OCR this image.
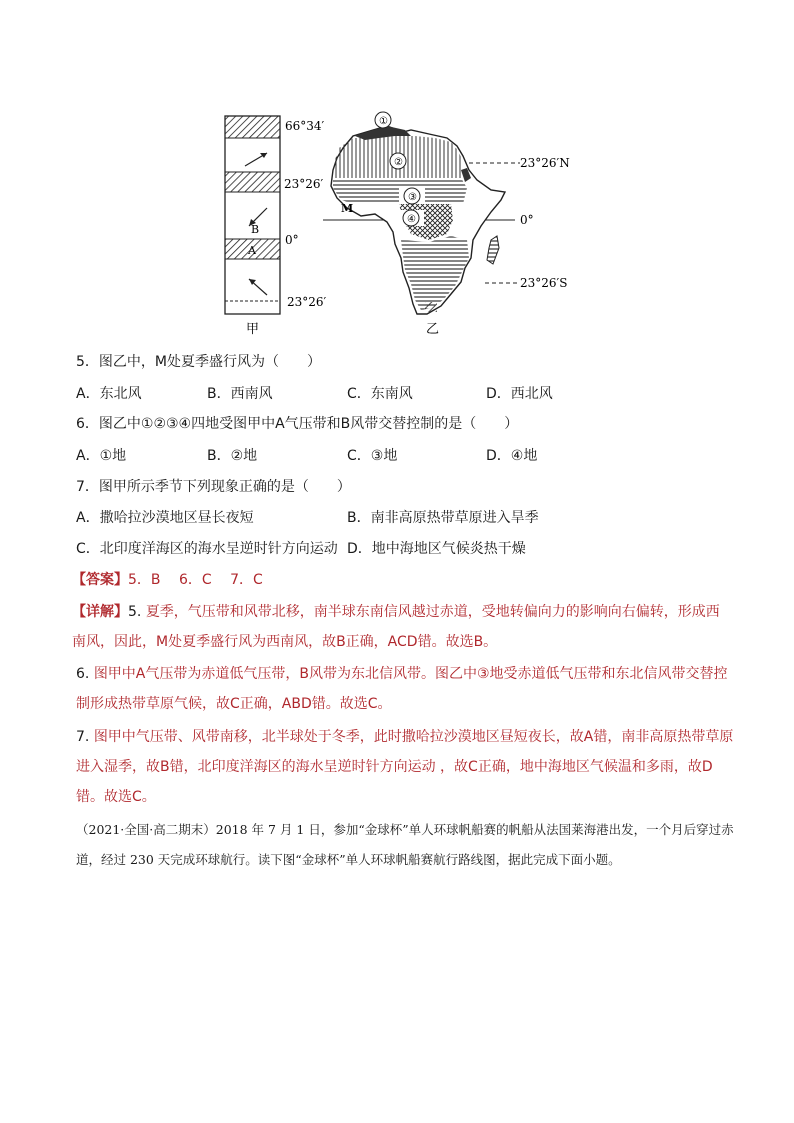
B
A
66°34′
23°26′
0°
23°26′
甲
①
②
③
④
M
23°26′N
0°
23°26′S
乙
5．图乙中，M处夏季盛行风为（　　）
A．东北风	B．西南风	C．东南风	D．西北风
6．图乙中①②③④四地受图甲中A气压带和B风带交替控制的是（　　）
A．①地	B．②地	C．③地	D．④地
7．图甲所示季节下列现象正确的是（　　）
A．撒哈拉沙漠地区昼长夜短	B．南非高原热带草原进入旱季
C．北印度洋海区的海水呈逆时针方向运动 D．地中海地区气候炎热干燥
【答案】5．B　 6．C　 7．C
【详解】5. 夏季，气压带和风带北移，南半球东南信风越过赤道，受地转偏向力的影响向右偏转，形成西南风，因此，M处夏季盛行风为西南风，故B正确，ACD错。故选B。
6. 图甲中A气压带为赤道低气压带，B风带为东北信风带。图乙中③地受赤道低气压带和东北信风带交替控制形成热带草原气候，故C正确，ABD错。故选C。
7. 图甲中气压带、风带南移，北半球处于冬季，此时撒哈拉沙漠地区昼短夜长，故A错，南非高原热带草原进入湿季，故B错，北印度洋海区的海水呈逆时针方向运动 ，故C正确，地中海地区气候温和多雨，故D错。故选C。
（2021·全国·高二期末）2018 年 7 月 1 日，参加“金球杯”单人环球帆船赛的帆船从法国莱海港出发，一个月后穿过赤道，经过 230 天完成环球航行。读下图“金球杯”单人环球帆船赛航行路线图，据此完成下面小题。
